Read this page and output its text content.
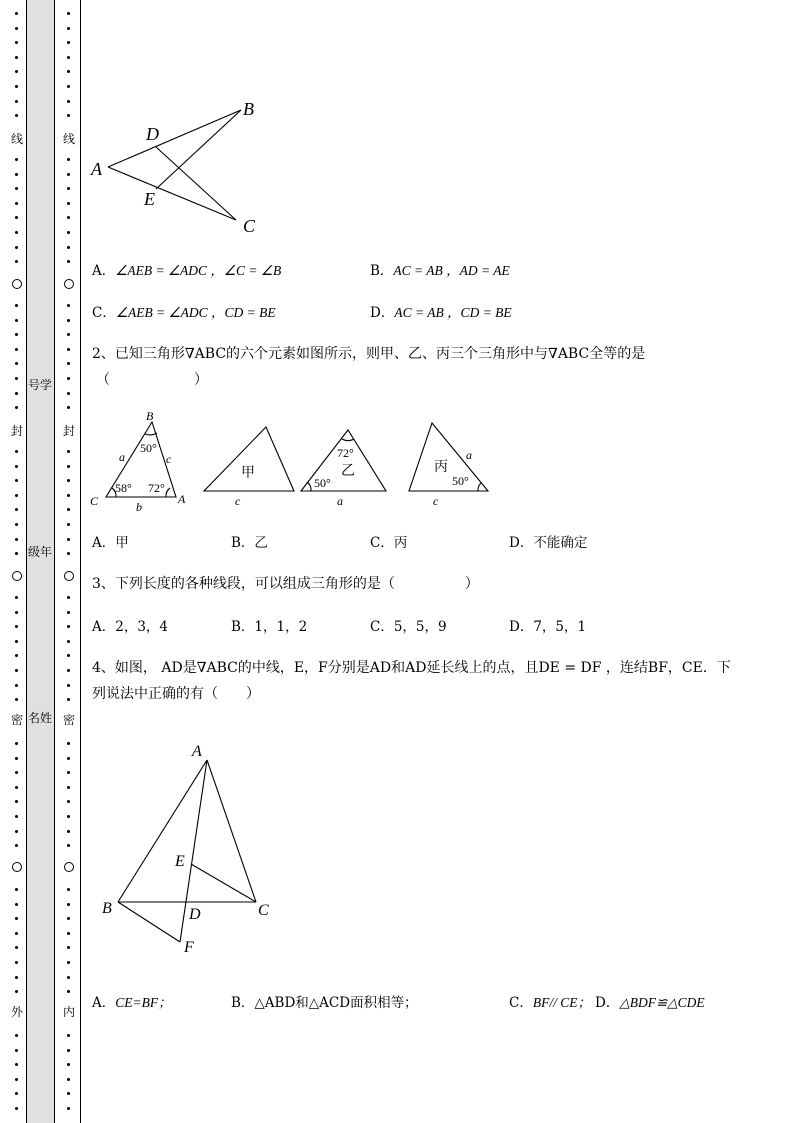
线
封
密
外
号学
级年
名姓
线
封
密
内
A
B
C
D
E
A．∠AEB = ∠ADC ，∠C = ∠B	B．AC = AB ，AD = AE
C．∠AEB = ∠ADC ，CD = BE	D．AC = AB ，CD = BE
2、已知三角形∇ABC的六个元素如图所示，则甲、乙、丙三个三角形中与∇ABC全等的是
（　　　　　　）
B
C	A
a
b
c
50°
58° 72°
甲
c
72°
乙
50°
a
丙
a
50°
c
A．甲	B．乙	C．丙	D．不能确定
3、下列长度的各种线段，可以组成三角形的是（　　　　　）
A．2，3，4	B．1，1，2	C．5，5，9	D．7，5，1
4、如图， AD是∇ABC的中线，E，F分别是AD和AD延长线上的点，且DE = DF ，连结BF，CE．下
列说法中正确的有（　　）
A
B	C
D
E
F
A．CE=BF；	B．△ABD和△ACD面积相等；	C．BF// CE； D．△BDF≌△CDE
